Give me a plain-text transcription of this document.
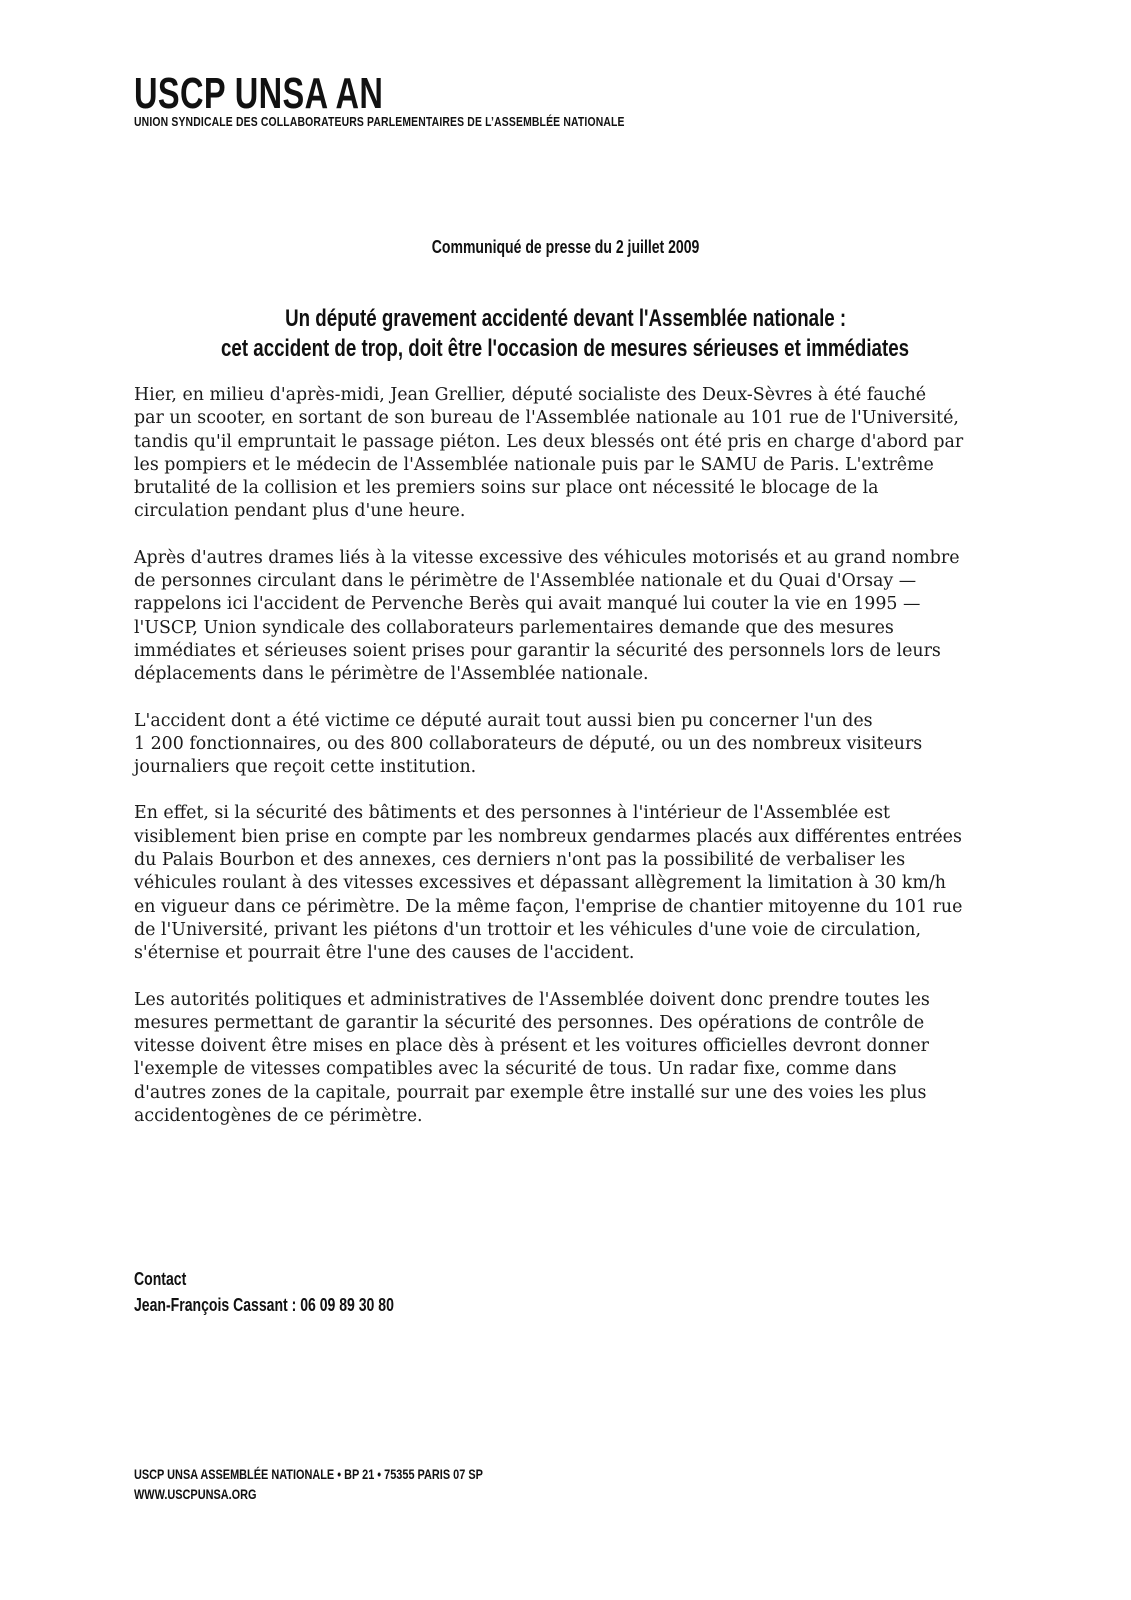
USCP UNSA AN
UNION SYNDICALE DES COLLABORATEURS PARLEMENTAIRES DE L’ASSEMBLÉE NATIONALE
Communiqué de presse du 2 juillet 2009
Un député gravement accidenté devant l'Assemblée nationale :
cet accident de trop, doit être l'occasion de mesures sérieuses et immédiates

Hier, en milieu d'après-midi, Jean Grellier, député socialiste des Deux-Sèvres à été fauché
par un scooter, en sortant de son bureau de l'Assemblée nationale au 101 rue de l'Université,
tandis qu'il empruntait le passage piéton. Les deux blessés ont été pris en charge d'abord par
les pompiers et le médecin de l'Assemblée nationale puis par le SAMU de Paris. L'extrême
brutalité de la collision et les premiers soins sur place ont nécessité le blocage de la
circulation pendant plus d'une heure.

Après d'autres drames liés à la vitesse excessive des véhicules motorisés et au grand nombre
de personnes circulant dans le périmètre de l'Assemblée nationale et du Quai d'Orsay —
rappelons ici l'accident de Pervenche Berès qui avait manqué lui couter la vie en 1995 —
l'USCP, Union syndicale des collaborateurs parlementaires demande que des mesures
immédiates et sérieuses soient prises pour garantir la sécurité des personnels lors de leurs
déplacements dans le périmètre de l'Assemblée nationale.

L'accident dont a été victime ce député aurait tout aussi bien pu concerner l'un des
1 200 fonctionnaires, ou des 800 collaborateurs de député, ou un des nombreux visiteurs
journaliers que reçoit cette institution.

En effet, si la sécurité des bâtiments et des personnes à l'intérieur de l'Assemblée est
visiblement bien prise en compte par les nombreux gendarmes placés aux différentes entrées
du Palais Bourbon et des annexes, ces derniers n'ont pas la possibilité de verbaliser les
véhicules roulant à des vitesses excessives et dépassant allègrement la limitation à 30 km/h
en vigueur dans ce périmètre. De la même façon, l'emprise de chantier mitoyenne du 101 rue
de l'Université, privant les piétons d'un trottoir et les véhicules d'une voie de circulation,
s'éternise et pourrait être l'une des causes de l'accident.

Les autorités politiques et administratives de l'Assemblée doivent donc prendre toutes les
mesures permettant de garantir la sécurité des personnes. Des opérations de contrôle de
vitesse doivent être mises en place dès à présent et les voitures officielles devront donner
l'exemple de vitesses compatibles avec la sécurité de tous. Un radar fixe, comme dans
d'autres zones de la capitale, pourrait par exemple être installé sur une des voies les plus
accidentogènes de ce périmètre.

Contact
Jean-François Cassant : 06 09 89 30 80
USCP UNSA ASSEMBLÉE NATIONALE • BP 21 • 75355 PARIS 07 SP
WWW.USCPUNSA.ORG
